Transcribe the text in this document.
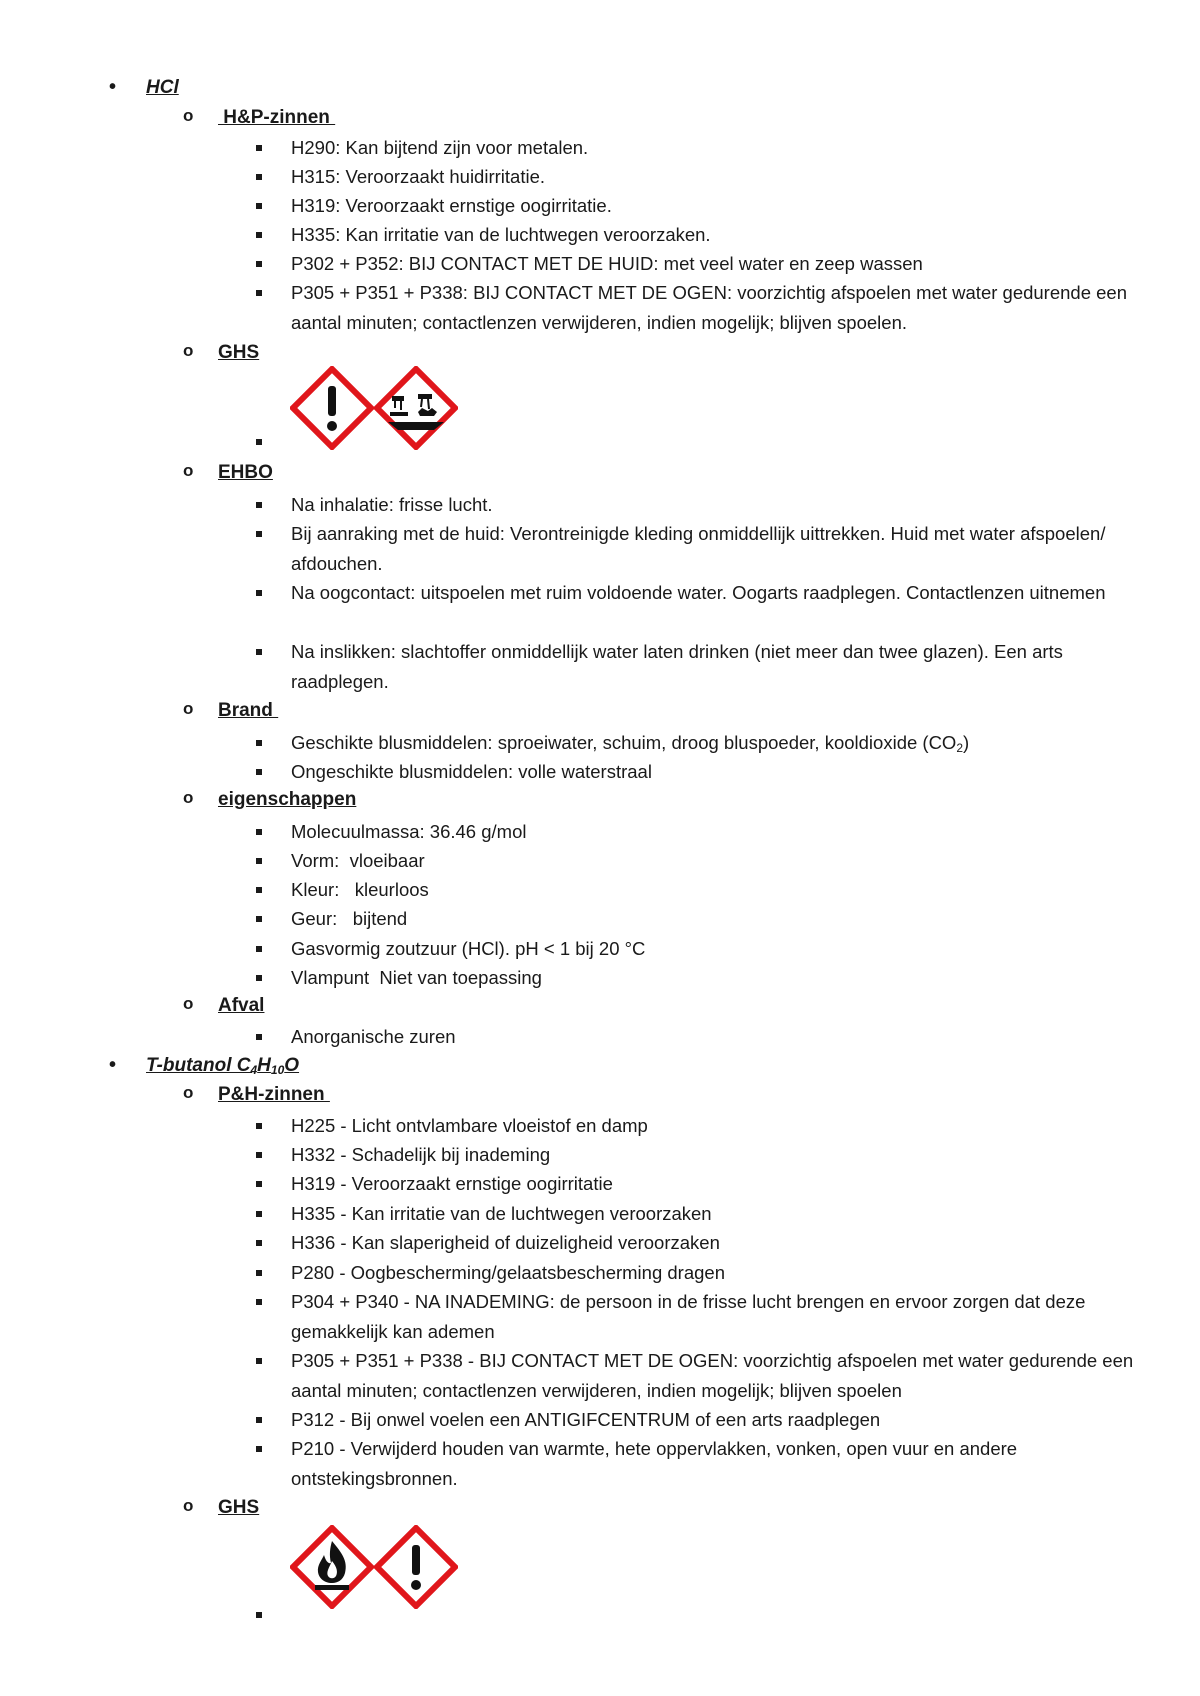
• HCl
o H&P-zinnen
H290: Kan bijtend zijn voor metalen.
H315: Veroorzaakt huidirritatie.
H319: Veroorzaakt ernstige oogirritatie.
H335: Kan irritatie van de luchtwegen veroorzaken.
P302 + P352: BIJ CONTACT MET DE HUID: met veel water en zeep wassen
P305 + P351 + P338: BIJ CONTACT MET DE OGEN: voorzichtig afspoelen met water gedurende een aantal minuten; contactlenzen verwijderen, indien mogelijk; blijven spoelen.
o GHS
o EHBO
Na inhalatie: frisse lucht.
Bij aanraking met de huid: Verontreinigde kleding onmiddellijk uittrekken. Huid met water afspoelen/ afdouchen.
Na oogcontact: uitspoelen met ruim voldoende water. Oogarts raadplegen. Contactlenzen uitnemen
Na inslikken: slachtoffer onmiddellijk water laten drinken (niet meer dan twee glazen). Een arts raadplegen.
o Brand
Geschikte blusmiddelen: sproeiwater, schuim, droog bluspoeder, kooldioxide $(CO_2)$
Ongeschikte blusmiddelen: volle waterstraal
o eigenschappen
Molecuulmassa: 36.46 g/mol
Vorm:  vloeibaar
Kleur:   kleurloos
Geur:   bijtend
Gasvormig zoutzuur (HCl). pH < 1 bij 20 °C
Vlampunt  Niet van toepassing
o Afval
Anorganische zuren
• T-butanol $C_4H_{10}O$
o P&H-zinnen
H225 - Licht ontvlambare vloeistof en damp
H332 - Schadelijk bij inademing
H319 - Veroorzaakt ernstige oogirritatie
H335 - Kan irritatie van de luchtwegen veroorzaken
H336 - Kan slaperigheid of duizeligheid veroorzaken
P280 - Oogbescherming/gelaatsbescherming dragen
P304 + P340 - NA INADEMING: de persoon in de frisse lucht brengen en ervoor zorgen dat deze gemakkelijk kan ademen
P305 + P351 + P338 - BIJ CONTACT MET DE OGEN: voorzichtig afspoelen met water gedurende een aantal minuten; contactlenzen verwijderen, indien mogelijk; blijven spoelen
P312 - Bij onwel voelen een ANTIGIFCENTRUM of een arts raadplegen
P210 - Verwijderd houden van warmte, hete oppervlakken, vonken, open vuur en andere ontstekingsbronnen.
o GHS
